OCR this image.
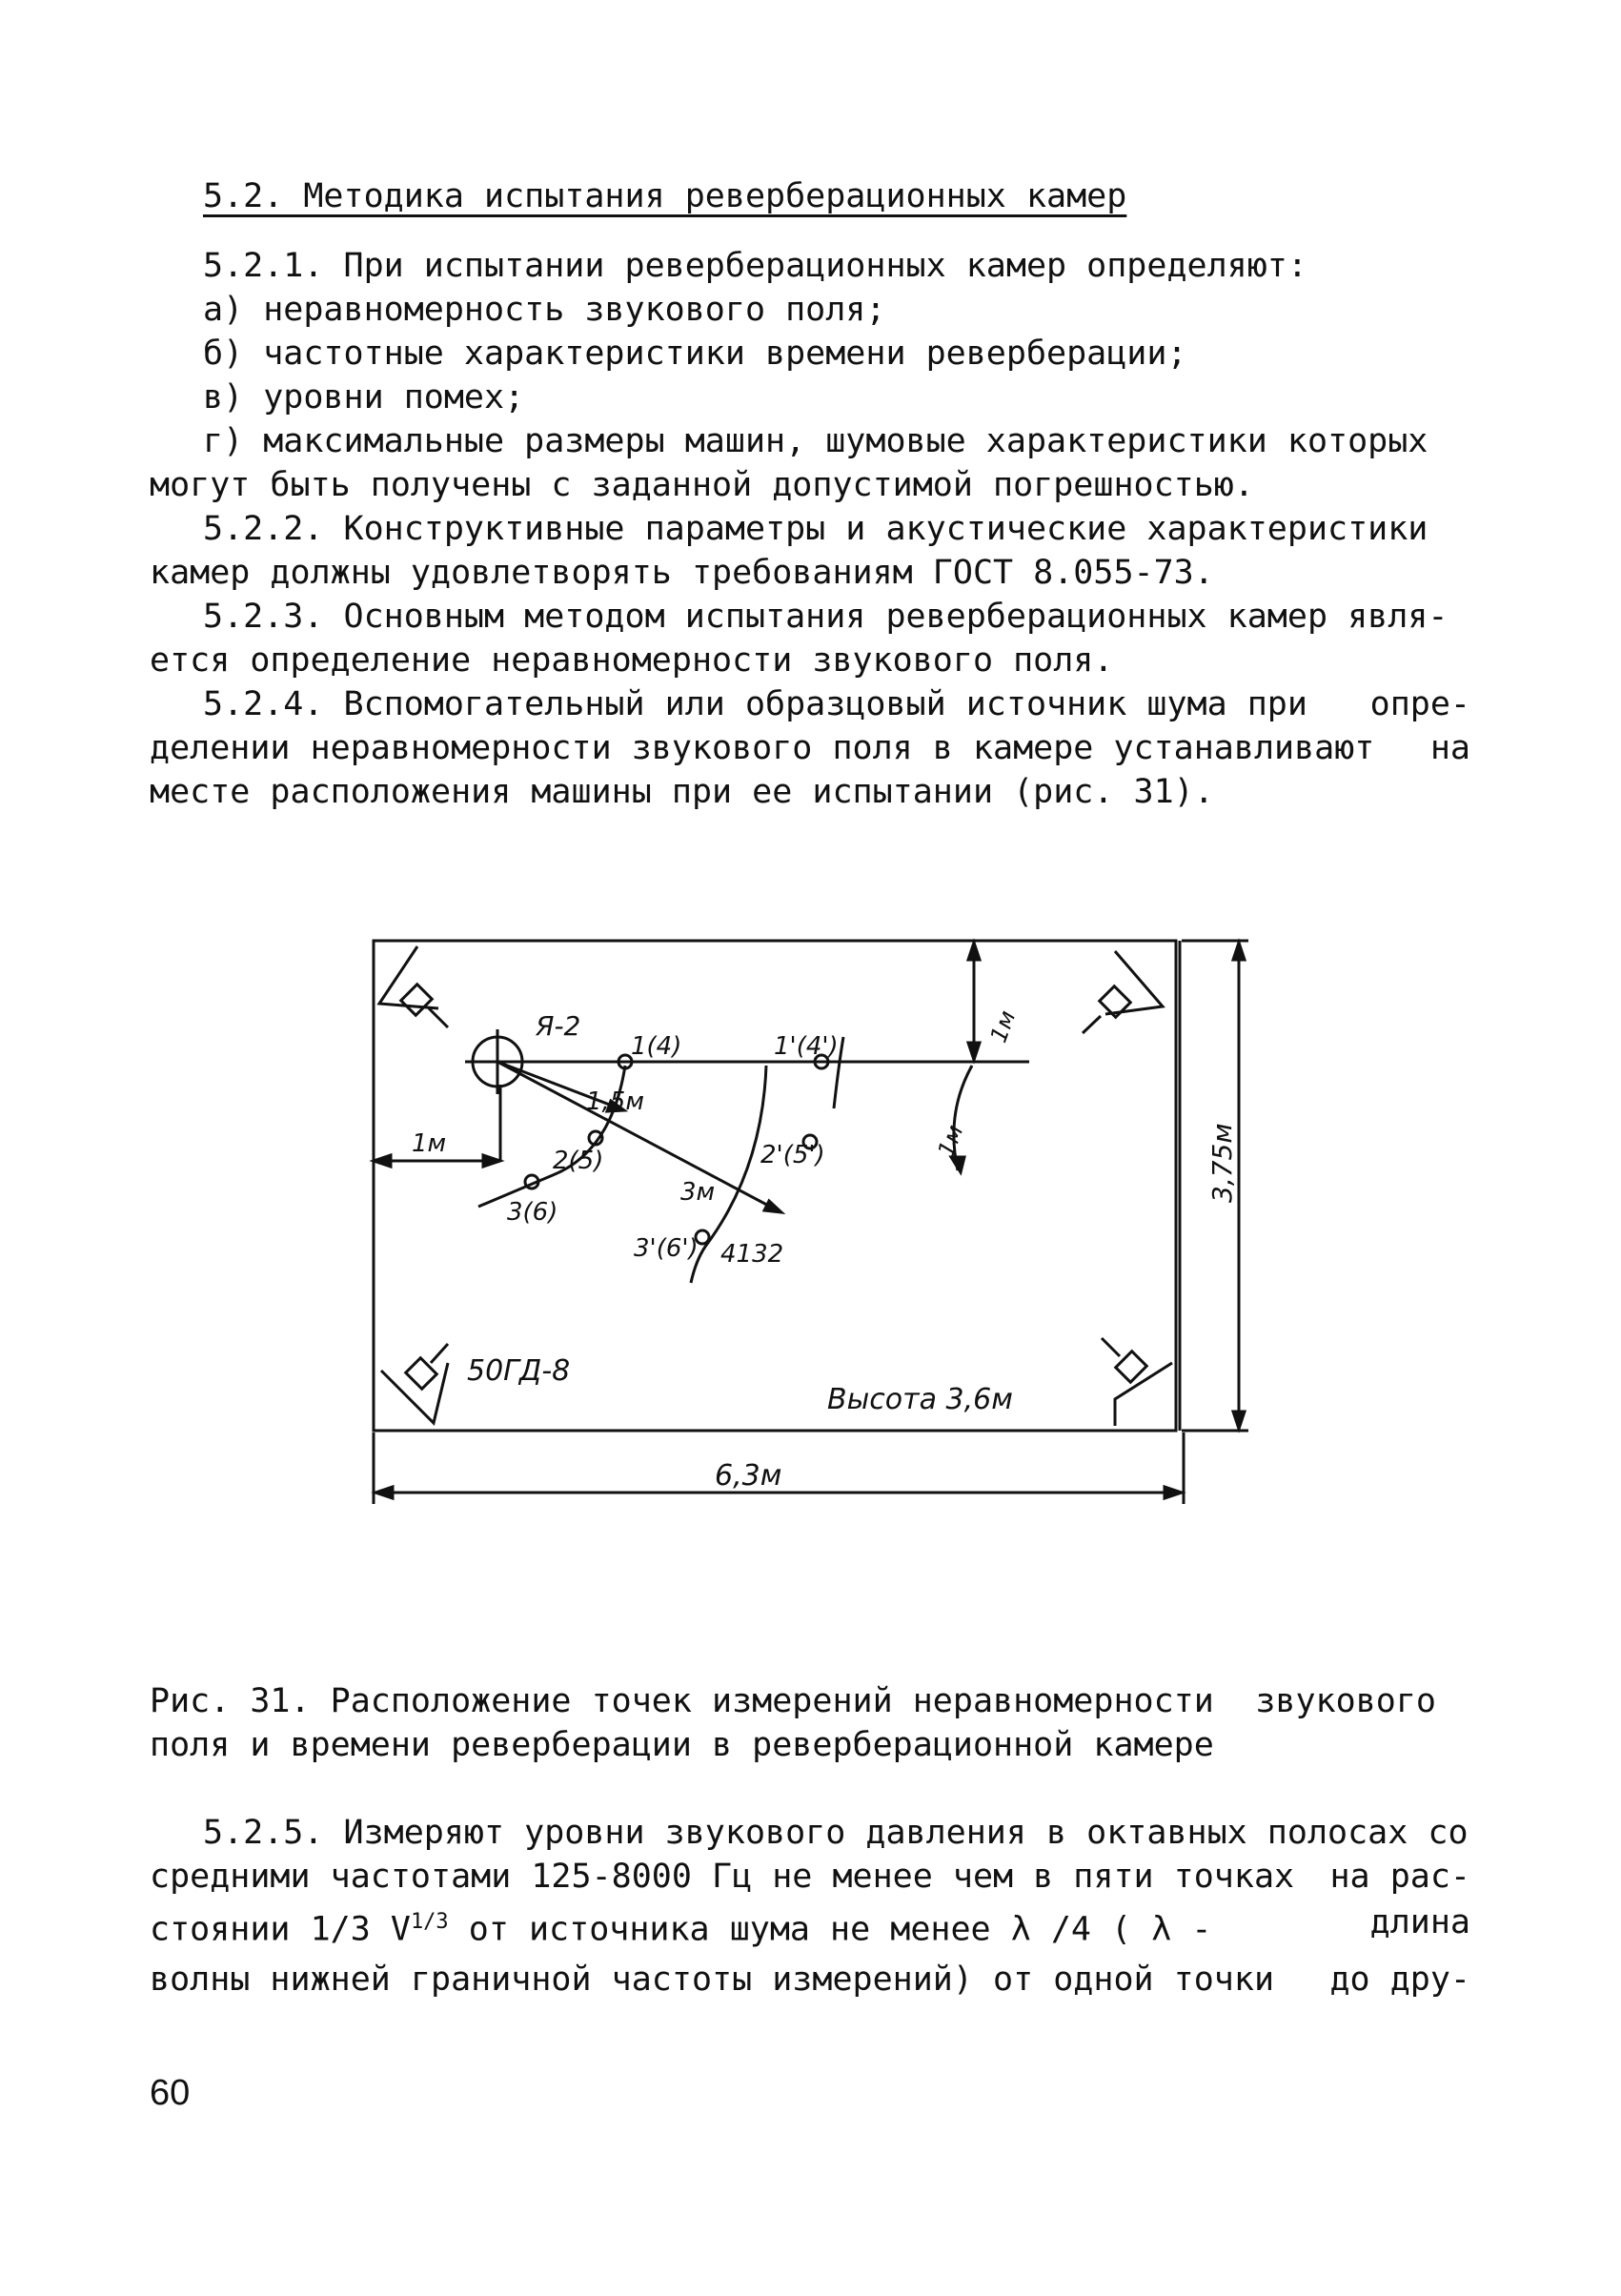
5.2. Методика испытания реверберационных камер
5.2.1. При испытании реверберационных камер определяют:
а) неравномерность звукового поля;
б) частотные характеристики времени реверберации;
в) уровни помех;
г) максимальные размеры машин, шумовые характеристики которых
могут быть получены с заданной допустимой погрешностью.
5.2.2. Конструктивные параметры и акустические характеристики
камер должны удовлетворять требованиям ГОСТ 8.055-73.
5.2.3. Основным методом испытания реверберационных камер явля-
ется определение неравномерности звукового поля.
5.2.4. Вспомогательный или образцовый источник шума при опре-
делении неравномерности звукового поля в камере устанавливают на
месте расположения машины при ее испытании (рис. 31).
Я-2
1,5м
3м
1м
1м
1м
1(4)
2(5)
3(6)
1'(4')
2'(5')
3'(6') 4132
50ГД-8
Высота 3,6м
6,3м
3,75м
Рис. 31. Расположение точек измерений неравномерности звукового
поля и времени реверберации в реверберационной камере
5.2.5. Измеряют уровни звукового давления в октавных полосах со
средними частотами 125-8000 Гц не менее чем в пяти точках на рас-
стоянии 1/3 $V^{1/3}$ от источника шума не менее λ /4 ( λ -	длина
волны нижней граничной частоты измерений) от одной точки до дру-
60
